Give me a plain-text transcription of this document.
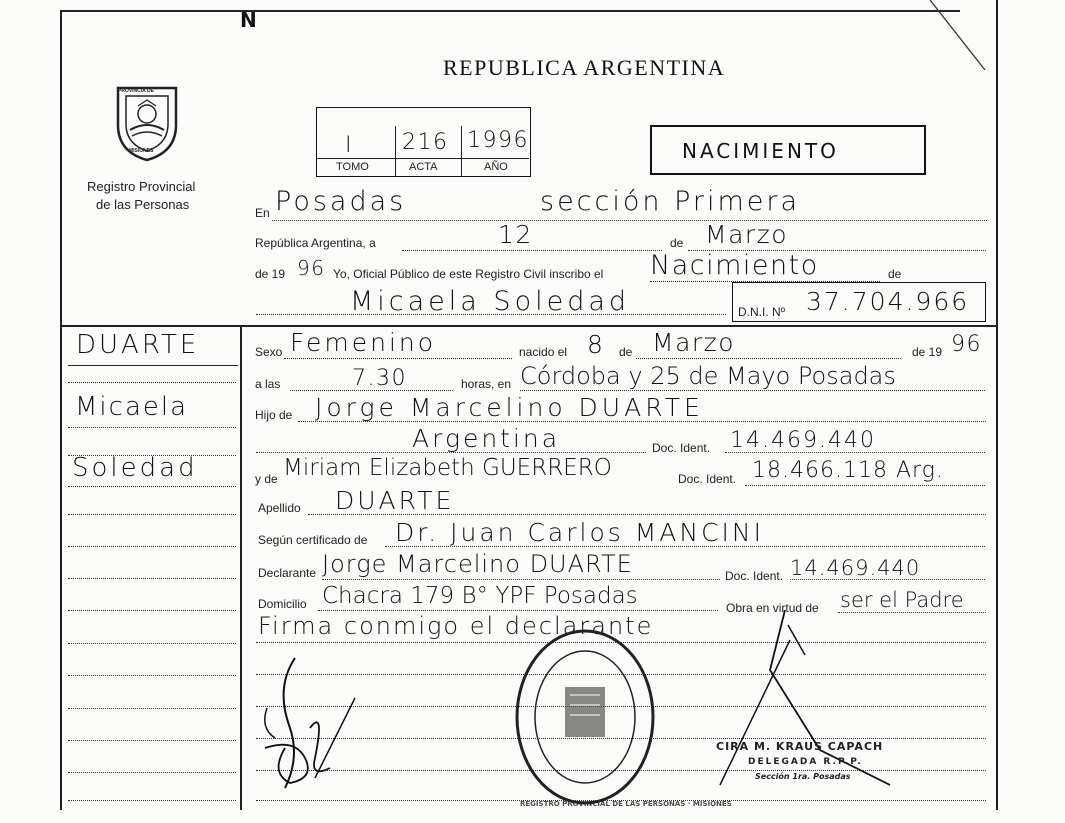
N
REPUBLICA ARGENTINA
PROVINCIA DE
MISIONES
Registro Provincial
de las Personas
I 216 1996
TOMO	ACTA	AÑO
NACIMIENTO
En Posadas	sección Primera
República Argentina, a	12	de Marzo
de 19 96 Yo, Oficial Público de este Registro Civil inscribo el Nacimiento	de
Micaela Soledad	D.N.I. Nº 37.704.966
DUARTE
Micaela
Soledad
Sexo Femenino	nacido el 8 de Marzo	de 19 96
a las	7.30	horas, en Córdoba y 25 de Mayo Posadas
Hijo de Jorge Marcelino DUARTE
Argentina	Doc. Ident. 14.469.440
y de Miriam Elizabeth GUERRERO	Doc. Ident. 18.466.118 Arg.
Apellido DUARTE
Según certificado de Dr. Juan Carlos MANCINI
Declarante Jorge Marcelino DUARTE	Doc. Ident. 14.469.440
Domicilio Chacra 179 B° YPF Posadas	Obra en virtud de ser el Padre
Firma conmigo el declarante
REGISTRO PROVINCIAL DE LAS PERSONAS · MISIONES
CIRA M. KRAUS CAPACH
DELEGADA R.P.P.
Sección 1ra. Posadas
